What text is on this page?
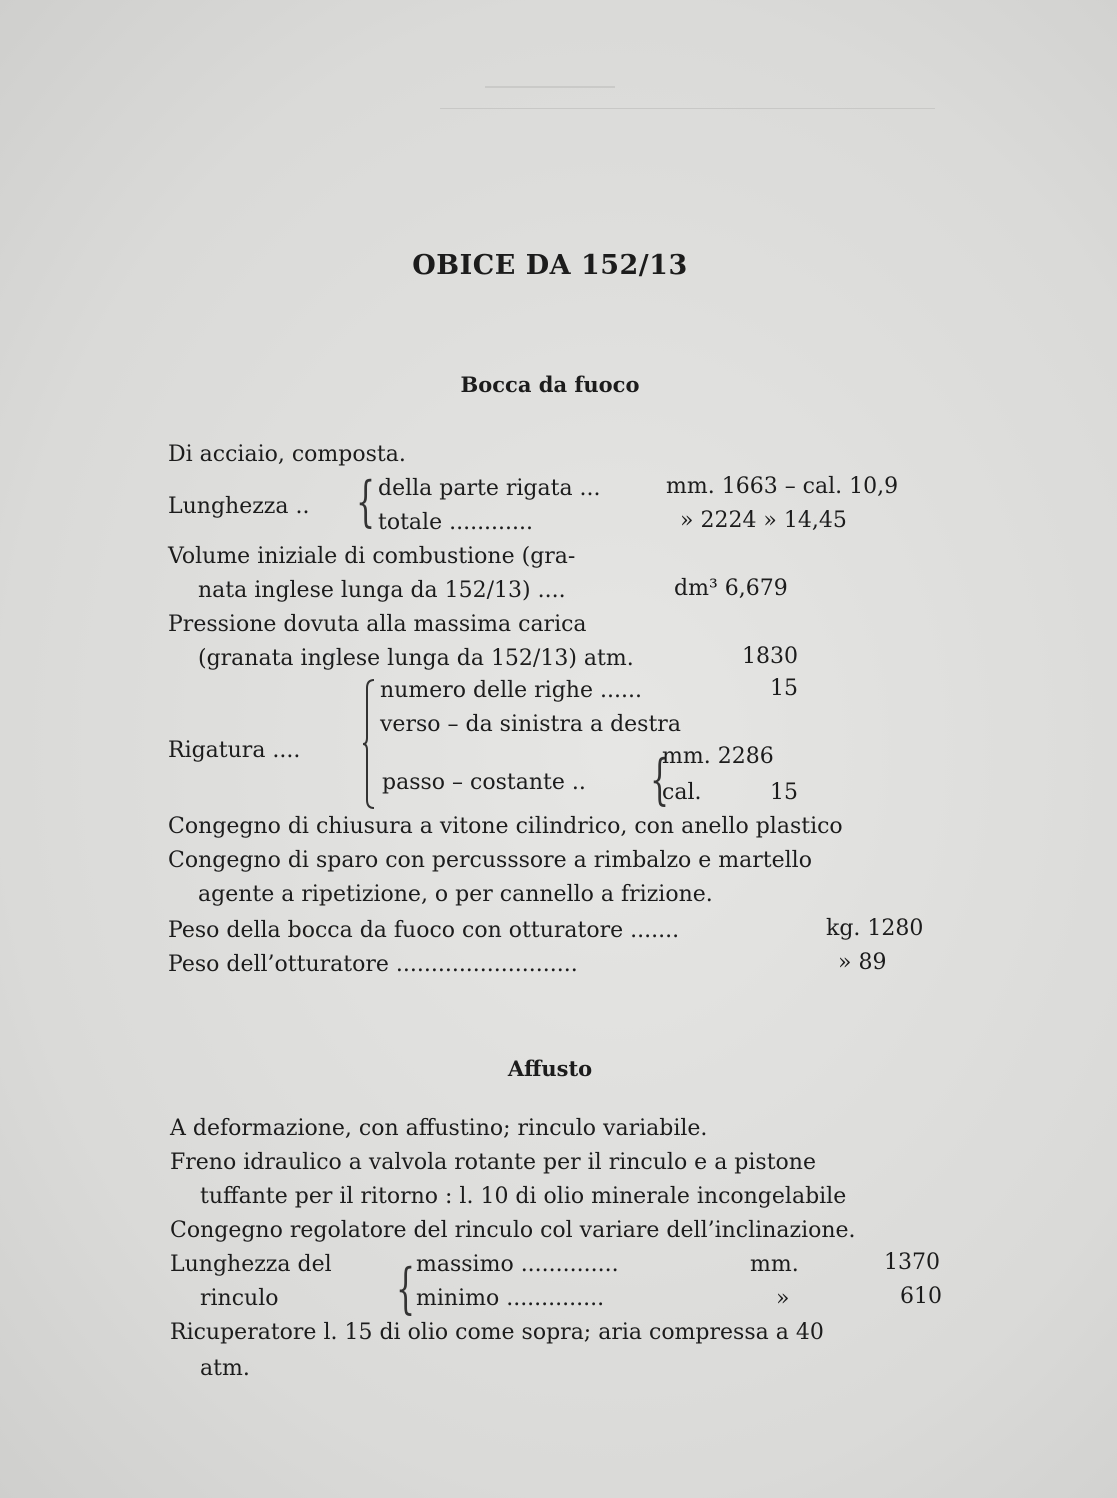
OBICE DA 152/13
Bocca da fuoco
Di acciaio, composta.
Lunghezza .. { della parte rigata ...	mm. 1663 – cal. 10,9
totale ............	» 2224 » 14,45
Volume iniziale di combustione (gra-
nata inglese lunga da 152/13) ....	dm³ 6,679
Pressione dovuta alla massima carica
(granata inglese lunga da 152/13) atm.	1830
Rigatura ....
numero delle righe ......	15
verso – da sinistra a destra
passo – costante .. {
mm. 2286
cal.	15
Congegno di chiusura a vitone cilindrico, con anello plastico
Congegno di sparo con percusssore a rimbalzo e martello
agente a ripetizione, o per cannello a frizione.
Peso della bocca da fuoco con otturatore .......	kg. 1280
Peso dell’otturatore ..........................	» 89
Affusto
A deformazione, con affustino; rinculo variabile.
Freno idraulico a valvola rotante per il rinculo e a pistone
tuffante per il ritorno : l. 10 di olio minerale incongelabile
Congegno regolatore del rinculo col variare dell’inclinazione.
Lunghezza del
rinculo	{ massimo ..............	mm.	1370
minimo ..............	»	610
Ricuperatore l. 15 di olio come sopra; aria compressa a 40
atm.
